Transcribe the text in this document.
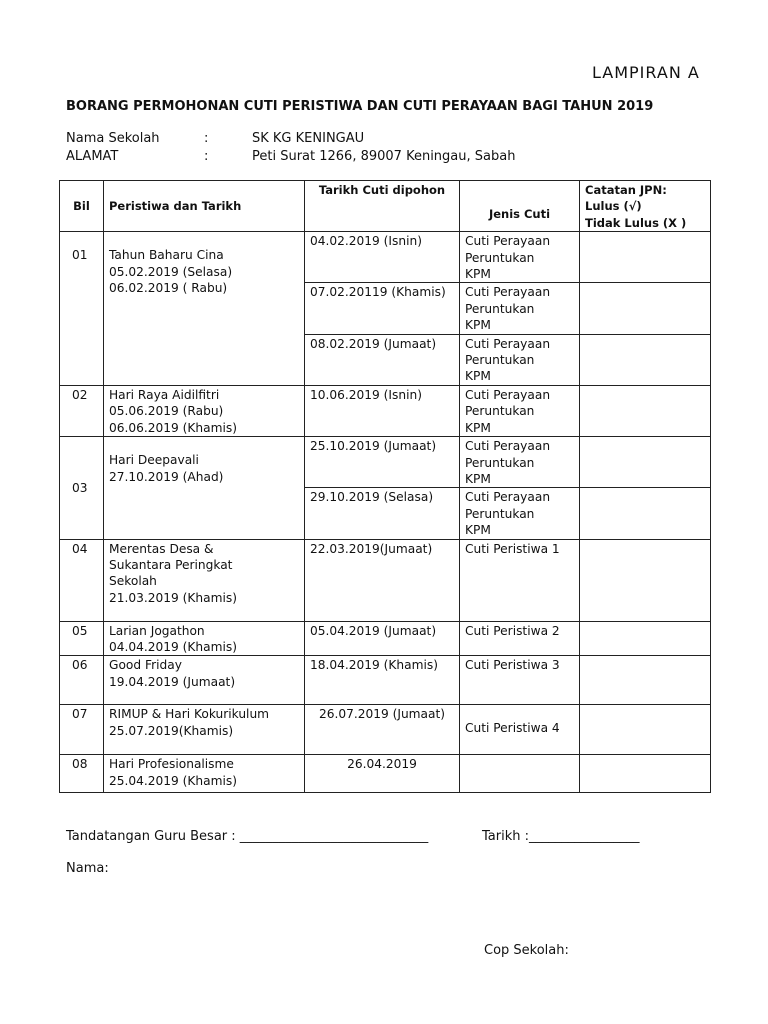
LAMPIRAN A
BORANG PERMOHONAN CUTI PERISTIWA DAN CUTI PERAYAAN BAGI TAHUN 2019
Nama Sekolah	:	SK KG KENINGAU
ALAMAT	:	Peti Surat 1266, 89007 Keningau, Sabah
Bil	Peristiwa dan Tarikh	Tarikh Cuti dipohon	Jenis Cuti	Catatan JPN:
Lulus (√)
Tidak Lulus (X )

01	Tahun Baharu Cina
05.02.2019 (Selasa)
06.02.2019 ( Rabu)	04.02.2019 (Isnin)	Cuti Perayaan
Peruntukan
KPM	

		07.02.20119 (Khamis)	Cuti Perayaan
Peruntukan
KPM	

		08.02.2019 (Jumaat)	Cuti Perayaan
Peruntukan
KPM	

02	Hari Raya Aidilfitri
05.06.2019 (Rabu)
06.06.2019 (Khamis)	10.06.2019 (Isnin)	Cuti Perayaan
Peruntukan
KPM	

03	Hari Deepavali
27.10.2019 (Ahad)	25.10.2019 (Jumaat)	Cuti Perayaan
Peruntukan
KPM	

		29.10.2019 (Selasa)	Cuti Perayaan
Peruntukan
KPM	

04	Merentas Desa &
Sukantara Peringkat
Sekolah
21.03.2019 (Khamis)	22.03.2019(Jumaat)	Cuti Peristiwa 1	
05	Larian Jogathon
04.04.2019 (Khamis)	05.04.2019 (Jumaat)	Cuti Peristiwa 2	
06	Good Friday
19.04.2019 (Jumaat)	18.04.2019 (Khamis)	Cuti Peristiwa 3	
07	RIMUP & Hari Kokurikulum
25.07.2019(Khamis)	26.07.2019 (Jumaat)	Cuti Peristiwa 4	
08	Hari Profesionalisme
25.04.2019 (Khamis)	26.04.2019		
Tandatangan Guru Besar : _____________________________	Tarikh :_________________
Nama:
Cop Sekolah:
